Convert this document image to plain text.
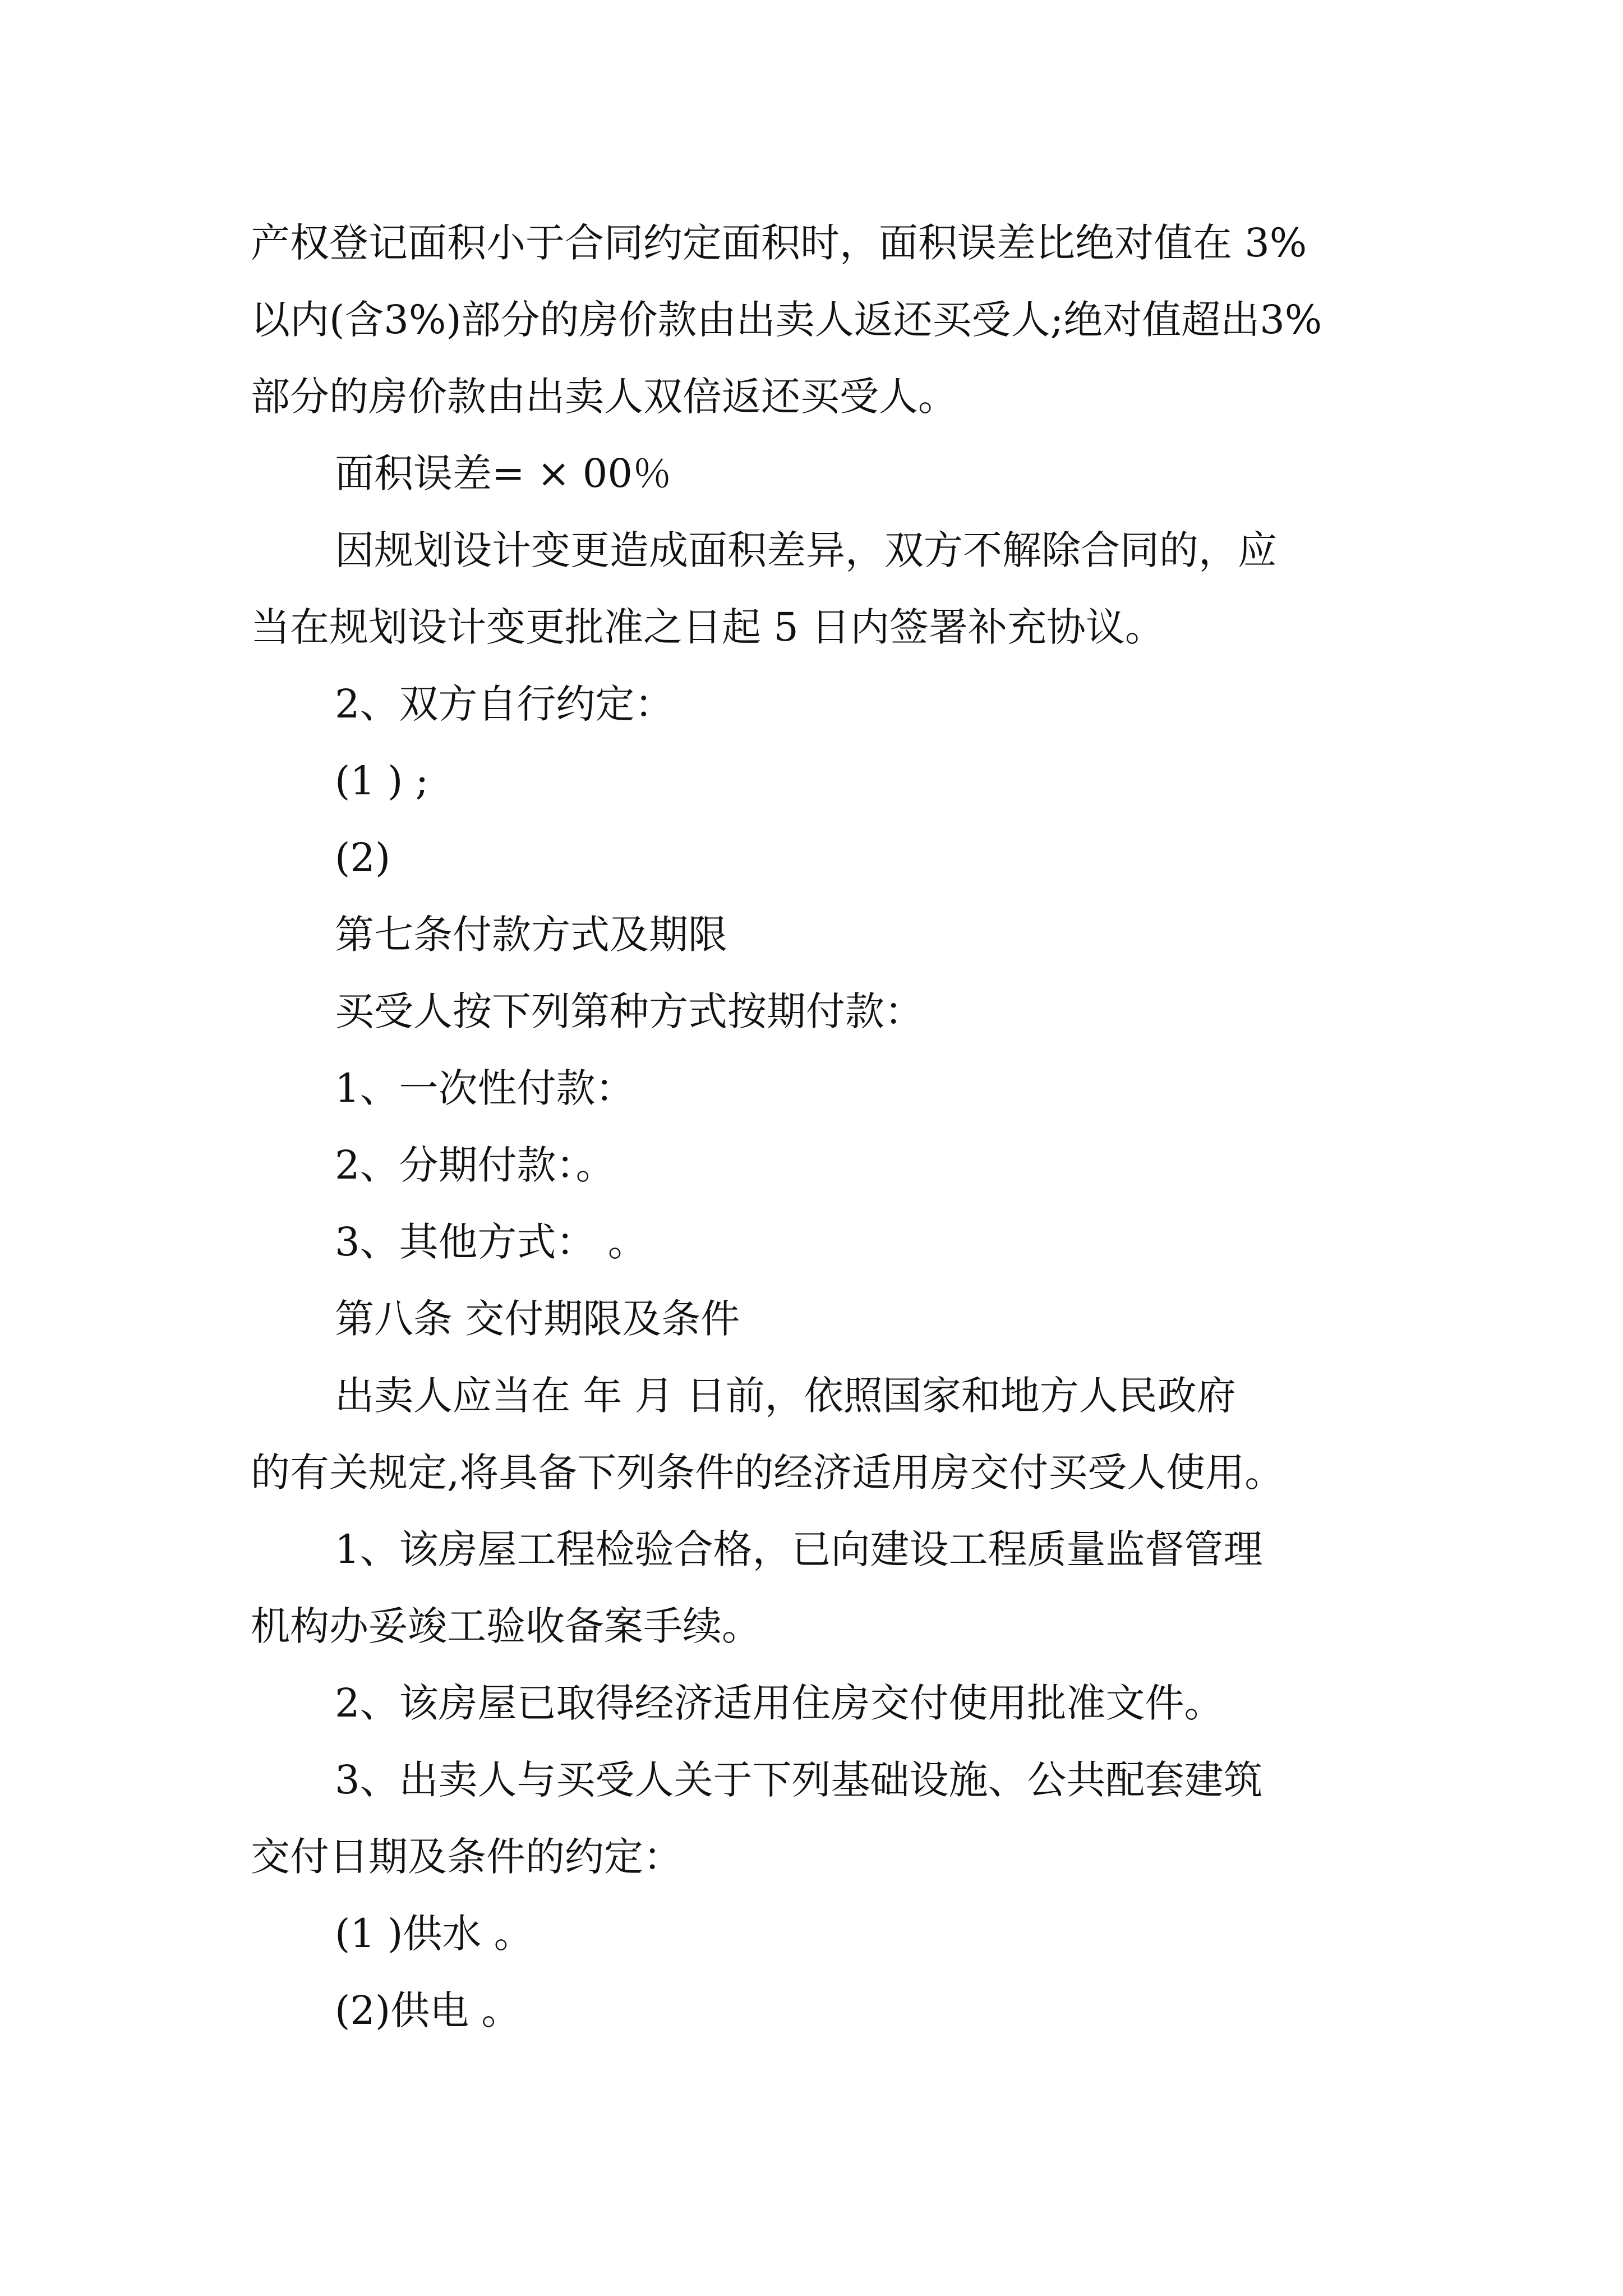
产权登记面积小于合同约定面积时，面积误差比绝对值在 3%
以内(含3%)部分的房价款由出卖人返还买受人;绝对值超出3%
部分的房价款由出卖人双倍返还买受人。
面积误差= × 00％
因规划设计变更造成面积差异，双方不解除合同的，应
当在规划设计变更批准之日起 5 日内签署补充协议。
2、双方自行约定：
(1 ) ;
(2)
第七条付款方式及期限
买受人按下列第种方式按期付款：
1、一次性付款：
2、分期付款：。
3、其他方式： 。
第八条 交付期限及条件
出卖人应当在 年 月 日前，依照国家和地方人民政府
的有关规定,将具备下列条件的经济适用房交付买受人使用。
1、该房屋工程检验合格，已向建设工程质量监督管理
机构办妥竣工验收备案手续。
2、该房屋已取得经济适用住房交付使用批准文件。
3、出卖人与买受人关于下列基础设施、公共配套建筑
交付日期及条件的约定：
(1 )供水 。
(2)供电 。
